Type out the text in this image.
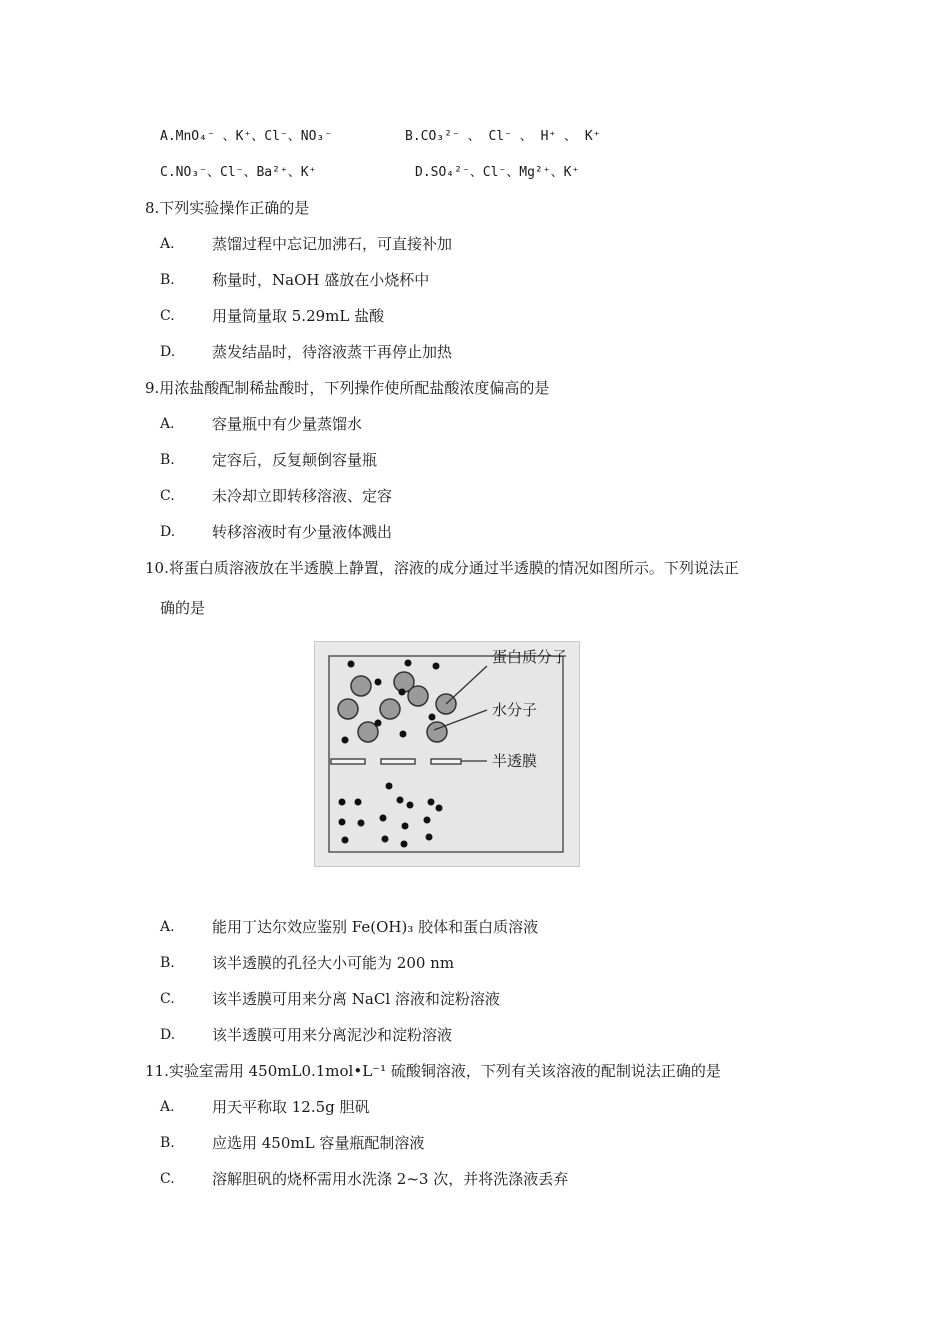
A.MnO₄⁻ 、K⁺、Cl⁻、NO₃⁻	B.CO₃²⁻ 、 Cl⁻ 、 H⁺ 、 K⁺
C.NO₃⁻、Cl⁻、Ba²⁺、K⁺	D.SO₄²⁻、Cl⁻、Mg²⁺、K⁺
8.下列实验操作正确的是
A. 蒸馏过程中忘记加沸石，可直接补加
B. 称量时，NaOH 盛放在小烧杯中
C. 用量筒量取 5.29mL 盐酸
D. 蒸发结晶时，待溶液蒸干再停止加热
9.用浓盐酸配制稀盐酸时，下列操作使所配盐酸浓度偏高的是
A. 容量瓶中有少量蒸馏水
B. 定容后，反复颠倒容量瓶
C. 未冷却立即转移溶液、定容
D. 转移溶液时有少量液体溅出
10.将蛋白质溶液放在半透膜上静置，溶液的成分通过半透膜的情况如图所示。下列说法正
确的是
蛋白质分子
水分子
半透膜
A. 能用丁达尔效应鉴别 Fe(OH)₃ 胶体和蛋白质溶液
B. 该半透膜的孔径大小可能为 200 nm
C. 该半透膜可用来分离 NaCl 溶液和淀粉溶液
D. 该半透膜可用来分离泥沙和淀粉溶液
11.实验室需用 450mL0.1mol•L⁻¹ 硫酸铜溶液，下列有关该溶液的配制说法正确的是
A. 用天平称取 12.5g 胆矾
B. 应选用 450mL 容量瓶配制溶液
C. 溶解胆矾的烧杯需用水洗涤 2~3 次，并将洗涤液丢弃
